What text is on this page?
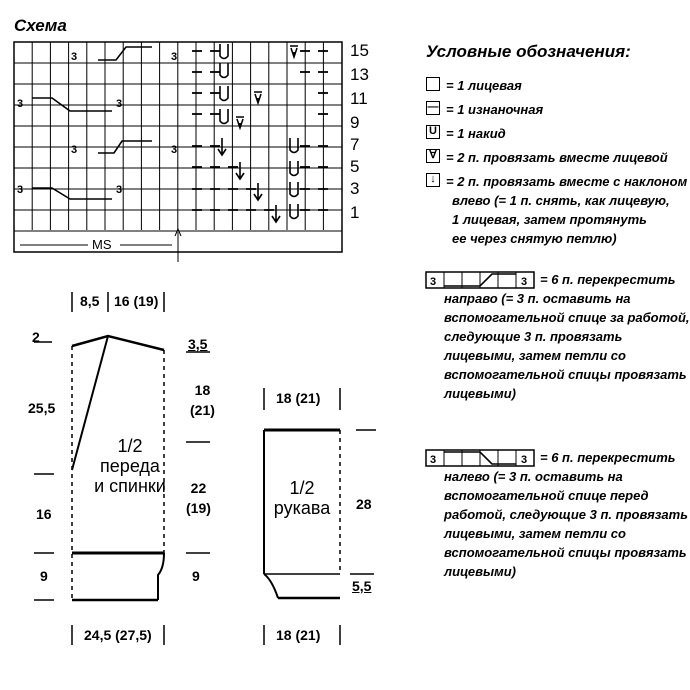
3	3
3	3
3	3
3	3
3	3
3	3
Схема
15
13
11
9
7
5
3
1
MS
Условные обозначения:
= 1 лицевая
— = 1 изнаночная
U = 1 накид
∀ = 2 п. провязать вместе лицевой
↓ = 2 п. провязать вместе с наклоном
влево (= 1 п. снять, как лицевую,
1 лицевая, затем протянуть
ее через снятую петлю)
= 6 п. перекрестить
направо (= 3 п. оставить на
вспомогательной спице за работой,
следующие 3 п. провязать
лицевыми, затем петли со
вспомогательной спицы провязать
лицевыми)
= 6 п. перекрестить
налево (= 3 п. оставить на
вспомогательной спице перед
работой, следующие 3 п. провязать
лицевыми, затем петли со
вспомогательной спицы провязать
лицевыми)
1/2
переда
и спинки
8,5 16 (19)
2	3,5
25,5
16
9
18
(21)
22
(19)
9
24,5 (27,5)
1/2
рукава
18 (21)
28
5,5
18 (21)
